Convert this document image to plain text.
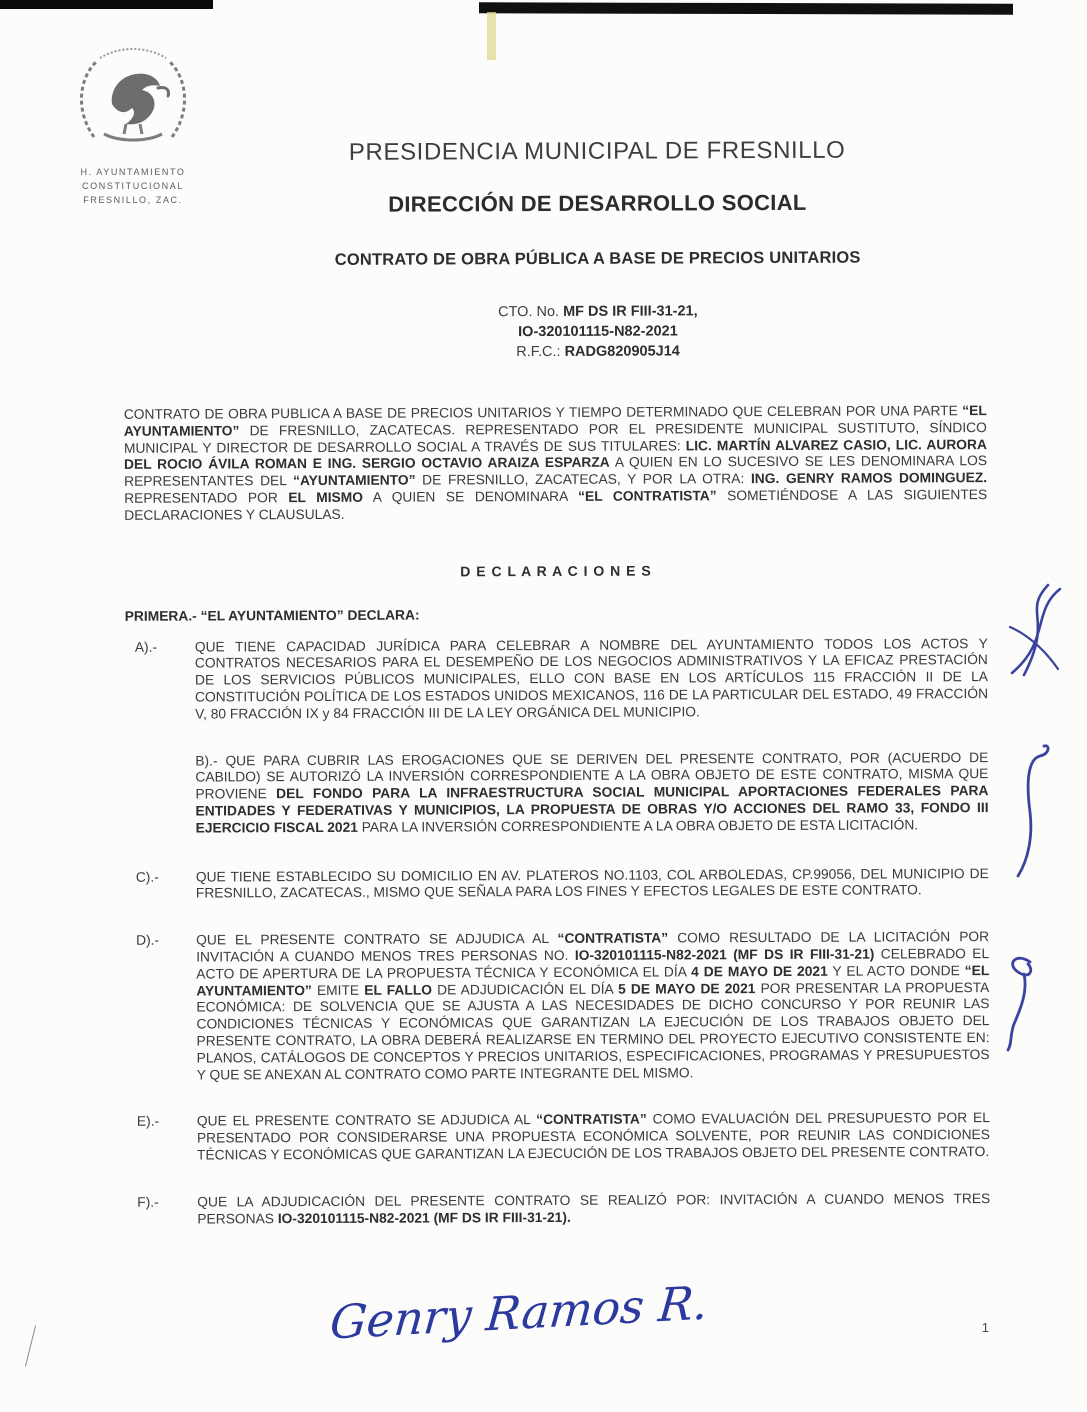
H. AYUNTAMIENTO
CONSTITUCIONAL
FRESNILLO, ZAC.
PRESIDENCIA MUNICIPAL DE FRESNILLO
DIRECCIÓN DE DESARROLLO SOCIAL
CONTRATO DE OBRA PÚBLICA A BASE DE PRECIOS UNITARIOS
CTO. No. MF DS IR FIII-31-21,
IO-320101115-N82-2021
R.F.C.: RADG820905J14
CONTRATO DE OBRA PUBLICA A BASE DE PRECIOS UNITARIOS Y TIEMPO DETERMINADO QUE CELEBRAN POR UNA PARTE “EL AYUNTAMIENTO” DE FRESNILLO, ZACATECAS. REPRESENTADO POR EL PRESIDENTE MUNICIPAL SUSTITUTO, SÍNDICO MUNICIPAL Y DIRECTOR DE DESARROLLO SOCIAL A TRAVÉS DE SUS TITULARES: LIC. MARTÍN ALVAREZ CASIO, LIC. AURORA DEL ROCIO ÁVILA ROMAN E ING. SERGIO OCTAVIO ARAIZA ESPARZA A QUIEN EN LO SUCESIVO SE LES DENOMINARA LOS REPRESENTANTES DEL “AYUNTAMIENTO” DE FRESNILLO, ZACATECAS, Y POR LA OTRA: ING. GENRY RAMOS DOMINGUEZ. REPRESENTADO POR EL MISMO A QUIEN SE DENOMINARA “EL CONTRATISTA” SOMETIÉNDOSE A LAS SIGUIENTES DECLARACIONES Y CLAUSULAS.
D E C L A R A C I O N E S
PRIMERA.- “EL AYUNTAMIENTO” DECLARA:
A).-	QUE TIENE CAPACIDAD JURÍDICA PARA CELEBRAR A NOMBRE DEL AYUNTAMIENTO TODOS LOS ACTOS Y CONTRATOS NECESARIOS PARA EL DESEMPEÑO DE LOS NEGOCIOS ADMINISTRATIVOS Y LA EFICAZ PRESTACIÓN DE LOS SERVICIOS PÚBLICOS MUNICIPALES, ELLO CON BASE EN LOS ARTÍCULOS 115 FRACCIÓN II DE LA CONSTITUCIÓN POLÍTICA DE LOS ESTADOS UNIDOS MEXICANOS, 116 DE LA PARTICULAR DEL ESTADO, 49 FRACCIÓN V, 80 FRACCIÓN IX y 84 FRACCIÓN III DE LA LEY ORGÁNICA DEL MUNICIPIO.
B).- QUE PARA CUBRIR LAS EROGACIONES QUE SE DERIVEN DEL PRESENTE CONTRATO, POR (ACUERDO DE CABILDO) SE AUTORIZÓ LA INVERSIÓN CORRESPONDIENTE A LA OBRA OBJETO DE ESTE CONTRATO, MISMA QUE PROVIENE DEL FONDO PARA LA INFRAESTRUCTURA SOCIAL MUNICIPAL APORTACIONES FEDERALES PARA ENTIDADES Y FEDERATIVAS Y MUNICIPIOS, LA PROPUESTA DE OBRAS Y/O ACCIONES DEL RAMO 33, FONDO III EJERCICIO FISCAL 2021 PARA LA INVERSIÓN CORRESPONDIENTE A LA OBRA OBJETO DE ESTA LICITACIÓN.
C).-	QUE TIENE ESTABLECIDO SU DOMICILIO EN AV. PLATEROS NO.1103, COL ARBOLEDAS, CP.99056, DEL MUNICIPIO DE FRESNILLO, ZACATECAS., MISMO QUE SEÑALA PARA LOS FINES Y EFECTOS LEGALES DE ESTE CONTRATO.
D).-	QUE EL PRESENTE CONTRATO SE ADJUDICA AL “CONTRATISTA” COMO RESULTADO DE LA LICITACIÓN POR INVITACIÓN A CUANDO MENOS TRES PERSONAS NO. IO-320101115-N82-2021 (MF DS IR FIII-31-21) CELEBRADO EL ACTO DE APERTURA DE LA PROPUESTA TÉCNICA Y ECONÓMICA EL DÍA 4 DE MAYO DE 2021 Y EL ACTO DONDE “EL AYUNTAMIENTO” EMITE EL FALLO DE ADJUDICACIÓN EL DÍA 5 DE MAYO DE 2021 POR PRESENTAR LA PROPUESTA ECONÓMICA: DE SOLVENCIA QUE SE AJUSTA A LAS NECESIDADES DE DICHO CONCURSO Y POR REUNIR LAS CONDICIONES TÉCNICAS Y ECONÓMICAS QUE GARANTIZAN LA EJECUCIÓN DE LOS TRABAJOS OBJETO DEL PRESENTE CONTRATO, LA OBRA DEBERÁ REALIZARSE EN TERMINO DEL PROYECTO EJECUTIVO CONSISTENTE EN: PLANOS, CATÁLOGOS DE CONCEPTOS Y PRECIOS UNITARIOS, ESPECIFICACIONES, PROGRAMAS Y PRESUPUESTOS Y QUE SE ANEXAN AL CONTRATO COMO PARTE INTEGRANTE DEL MISMO.
E).-	QUE EL PRESENTE CONTRATO SE ADJUDICA AL “CONTRATISTA” COMO EVALUACIÓN DEL PRESUPUESTO POR EL PRESENTADO POR CONSIDERARSE UNA PROPUESTA ECONÓMICA SOLVENTE, POR REUNIR LAS CONDICIONES TÉCNICAS Y ECONÓMICAS QUE GARANTIZAN LA EJECUCIÓN DE LOS TRABAJOS OBJETO DEL PRESENTE CONTRATO.
F).-	QUE LA ADJUDICACIÓN DEL PRESENTE CONTRATO SE REALIZÓ POR: INVITACIÓN A CUANDO MENOS TRES PERSONAS IO-320101115-N82-2021 (MF DS IR FIII-31-21).
Genry Ramos R.	1
